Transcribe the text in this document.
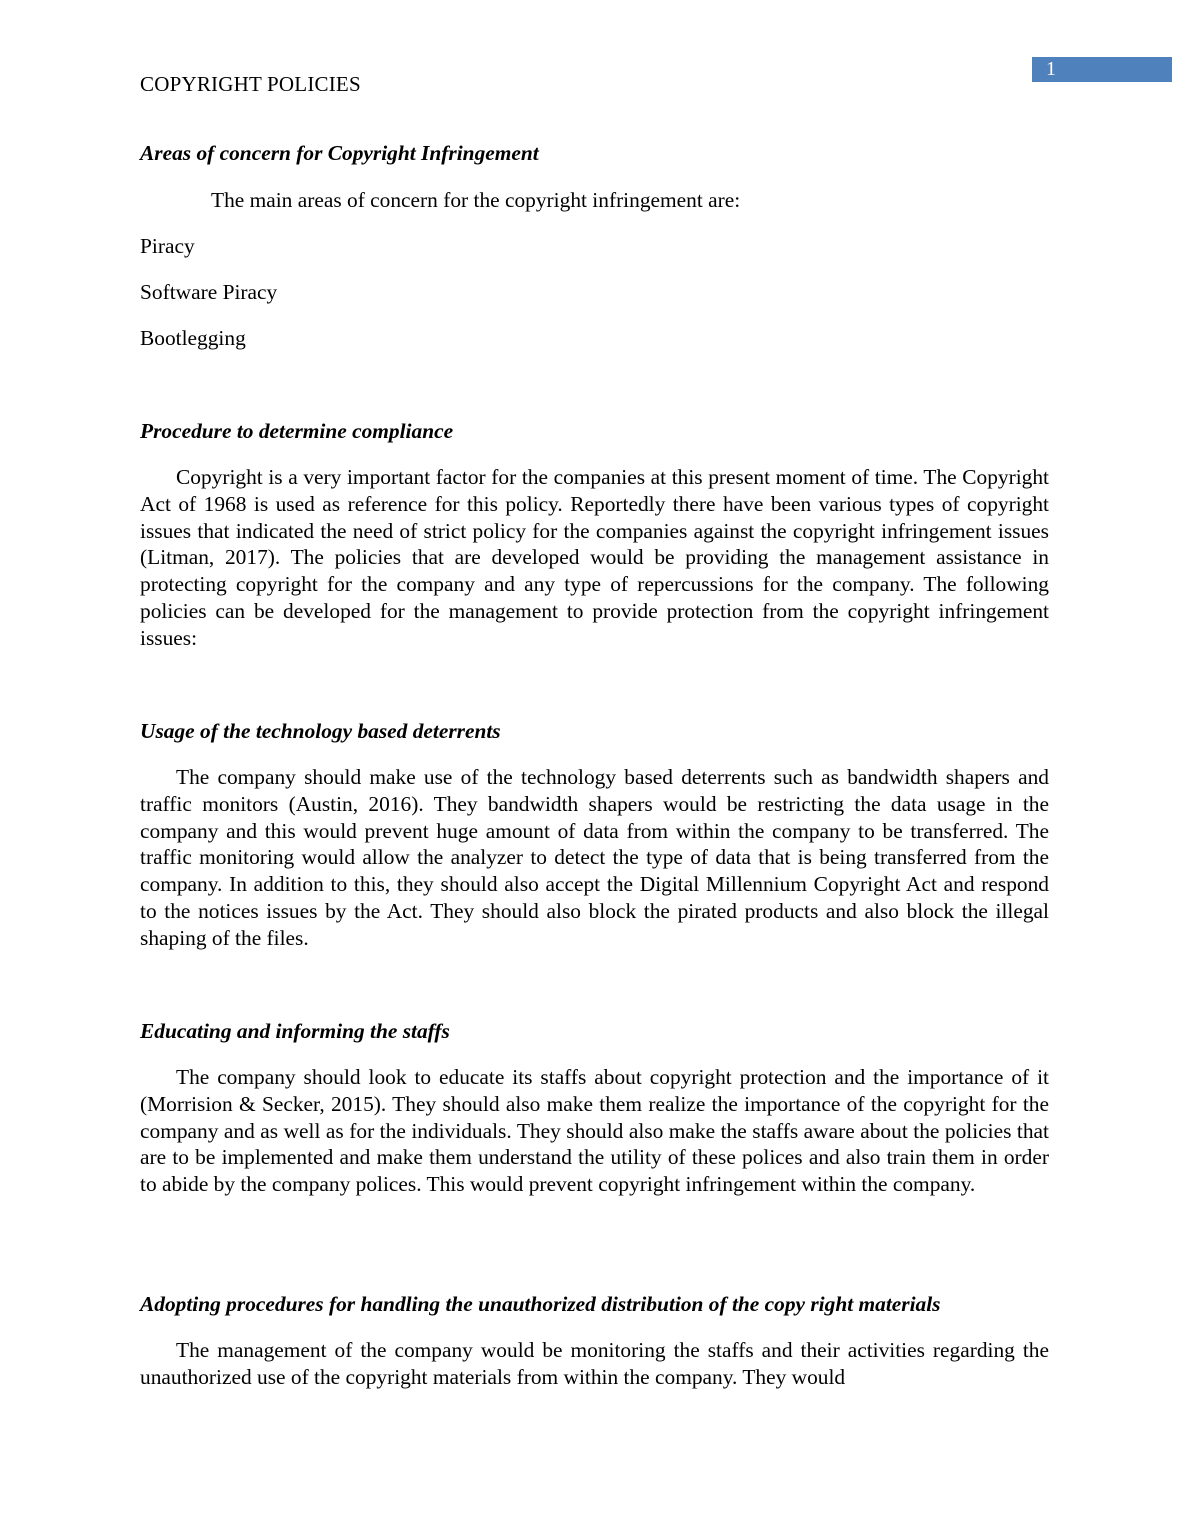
1
COPYRIGHT POLICIES
Areas of concern for Copyright Infringement
The main areas of concern for the copyright infringement are:
Piracy
Software Piracy
Bootlegging
Procedure to determine compliance
Copyright is a very important factor for the companies at this present moment of time. The Copyright Act of 1968 is used as reference for this policy. Reportedly there have been various types of copyright issues that indicated the need of strict policy for the companies against the copyright infringement issues (Litman, 2017). The policies that are developed would be providing the management assistance in protecting copyright for the company and any type of repercussions for the company. The following policies can be developed for the management to provide protection from the copyright infringement issues:
Usage of the technology based deterrents
The company should make use of the technology based deterrents such as bandwidth shapers and traffic monitors (Austin, 2016). They bandwidth shapers would be restricting the data usage in the company and this would prevent huge amount of data from within the company to be transferred. The traffic monitoring would allow the analyzer to detect the type of data that is being transferred from the company. In addition to this, they should also accept the Digital Millennium Copyright Act and respond to the notices issues by the Act. They should also block the pirated products and also block the illegal shaping of the files.
Educating and informing the staffs
The company should look to educate its staffs about copyright protection and the importance of it (Morrision & Secker, 2015). They should also make them realize the importance of the copyright for the company and as well as for the individuals. They should also make the staffs aware about the policies that are to be implemented and make them understand the utility of these polices and also train them in order to abide by the company polices. This would prevent copyright infringement within the company.
Adopting procedures for handling the unauthorized distribution of the copy right materials
The management of the company would be monitoring the staffs and their activities regarding the unauthorized use of the copyright materials from within the company. They would
